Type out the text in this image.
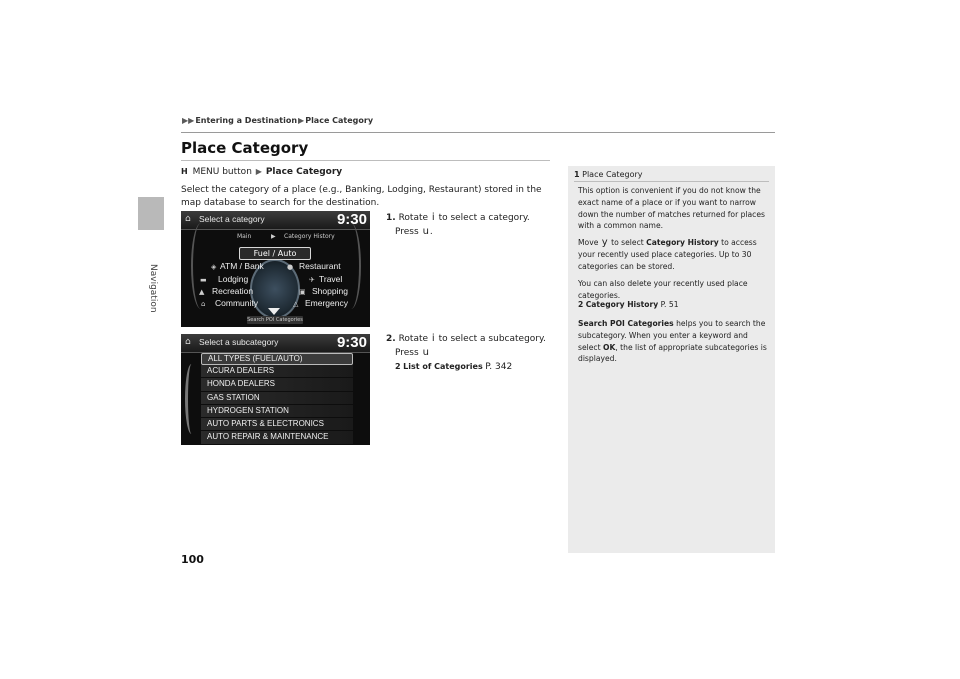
Navigation
▶▶Entering a Destination▶Place Category
Place Category
H MENU button ▶ Place Category
Select the category of a place (e.g., Banking, Lodging, Restaurant) stored in the map database to search for the destination.
1. Rotate i to select a category.
Press u.
2. Rotate i to select a subcategory.
Press u
2 List of Categories P. 342
⌂ Select a category	9:30
Main	▶ Category History
Fuel / Auto
◈ ATM / Bank
▬ Lodging
▲ Recreation
⌂ Community
● Restaurant
✈ Travel
▣ Shopping
△ Emergency
Search POI Categories
⌂ Select a subcategory	9:30
ALL TYPES (FUEL/AUTO)
ACURA DEALERS
HONDA DEALERS
GAS STATION
HYDROGEN STATION
AUTO PARTS & ELECTRONICS
AUTO REPAIR & MAINTENANCE
1 Place Category
This option is convenient if you do not know the exact name of a place or if you want to narrow down the number of matches returned for places with a common name.
Move y to select Category History to access your recently used place categories. Up to 30 categories can be stored.
You can also delete your recently used place categories.
2 Category History P. 51
Search POI Categories helps you to search the subcategory. When you enter a keyword and select OK, the list of appropriate subcategories is displayed.
100
